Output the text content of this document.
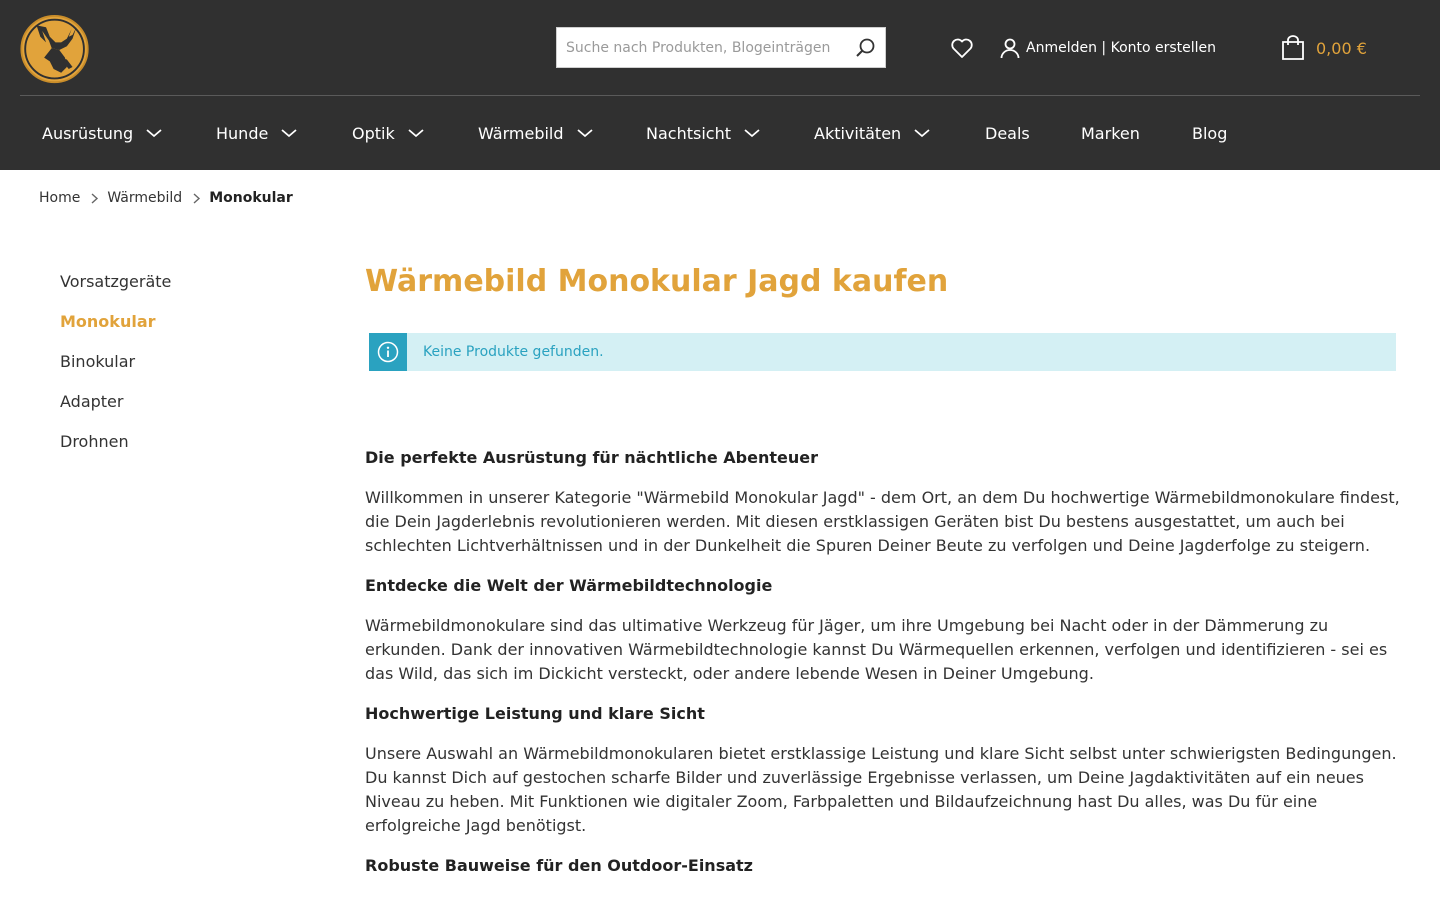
Suche nach Produkten, Blogeinträgen
Anmelden | Konto erstellen	0,00 €
Ausrüstung	Hunde	Optik	Wärmebild	Nachtsicht	Aktivitäten	Deals	Marken	Blog
Home Wärmebild Monokular
Vorsatzgeräte
Monokular
Binokular
Adapter
Drohnen
Wärmebild Monokular Jagd kaufen
Keine Produkte gefunden.
Die perfekte Ausrüstung für nächtliche Abenteuer

Willkommen in unserer Kategorie "Wärmebild Monokular Jagd" - dem Ort, an dem Du hochwertige Wärmebildmonokulare findest, die Dein Jagderlebnis revolutionieren werden. Mit diesen erstklassigen Geräten bist Du bestens ausgestattet, um auch bei schlechten Lichtverhältnissen und in der Dunkelheit die Spuren Deiner Beute zu verfolgen und Deine Jagderfolge zu steigern.

Entdecke die Welt der Wärmebildtechnologie

Wärmebildmonokulare sind das ultimative Werkzeug für Jäger, um ihre Umgebung bei Nacht oder in der Dämmerung zu erkunden. Dank der innovativen Wärmebildtechnologie kannst Du Wärmequellen erkennen, verfolgen und identifizieren - sei es das Wild, das sich im Dickicht versteckt, oder andere lebende Wesen in Deiner Umgebung.

Hochwertige Leistung und klare Sicht

Unsere Auswahl an Wärmebildmonokularen bietet erstklassige Leistung und klare Sicht selbst unter schwierigsten Bedingungen. Du kannst Dich auf gestochen scharfe Bilder und zuverlässige Ergebnisse verlassen, um Deine Jagdaktivitäten auf ein neues Niveau zu heben. Mit Funktionen wie digitaler Zoom, Farbpaletten und Bildaufzeichnung hast Du alles, was Du für eine erfolgreiche Jagd benötigst.

Robuste Bauweise für den Outdoor-Einsatz
